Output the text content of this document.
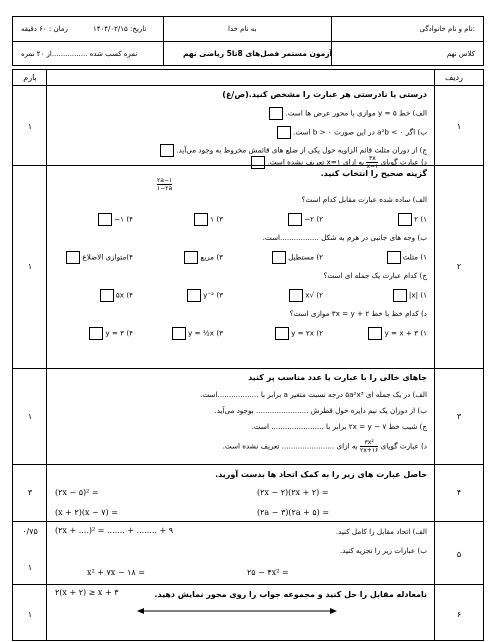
نام و نام خانوادگی:
به نام خدا
تاریخ: ۱۴۰۴/۰۲/۱۵
زمان : ۶۰ دقیقه
کلاس نهم
آزمون مستمر فصل‌های 8تا5 ریاضی نهم
نمره کسب شده ................از ۲۰ نمره
ردیف
بارم
۱
۱
درستی یا نادرستی هر عبارت را مشخص کنید.(ص/غ)
الف) خط ۵ = y موازی با محور عرض ها است.
ب) اگر ۰ > a²b در این صورت ۰ < b است.
ج) از دوران مثلث قائم الزاویه حول یکی از ضلع های قائمش مخروط به وجود می‌آید.
د) عبارت گویای
$\frac{۳x}{x-۱}$
به ازای x=۱ تعریف نشده است.
۲
۱
گزینه صحیح را انتخاب کنید.
$\frac{۲a-۱}{۱-۲a}$
الف) ساده شده عبارت مقابل کدام است؟
۱) ۲
۲) ۲−
۳) ۱
۴) ۱−
ب) وجه های جانبی در هرم به شکل .................است.
۱) مثلث
۲) مستطیل
۳) مربع
۴)متوازی الاضلاع
ج) کدام عبارت یک جمله ای است؟
۱) |x|
۲) √x
۳) y⁻²
۴) ۵x
د) کدام خط با خط ۲ + ۳x = y موازی است؟
۱) y = x + ۳
۲) y = ۲x
۳) y = ½x
۴) y = ۳
۳
۱
جاهای خالی را با عبارت یا عدد مناسب پر کنید
الف) در یک جمله ای ۵a²x³ درجه نسبت متغیر a برابر با ..................است.
ب) از دوران یک نیم دایره حول قطرش ....................... بوجود می‌آید.
ج) شیب خط ۷ − ۲x = y برابر با ....................... است.
د) عبارت گویای
$\frac{\text{۳x²}}{۲x+۱۶}$
به ازای ....................... تعریف نشده است.
۴
۳
حاصل عبارت های زیر را به کمک اتحاد ها بدست آورید.
(۲x − ۵)² =	(۲x − ۲)(۲x + ۲) =
(x + ۲)(x − ۷) =	(۲a − ۳)(۲a + ۵) =
۵
۰/۷۵
۱
الف) اتحاد مقابل را کامل کنید.
(۲x + ....)² = ....... + ........ + ۹
ب) عبارات زیر را تجزیه کنید.
x² + ۷x − ۱۸ =	۲۵ − ۴x² =
۶
۱
نامعادله مقابل را حل کنید و مجموعه جواب را روی محور نمایش دهید.
۲(x + ۲) ≥ x + ۳
